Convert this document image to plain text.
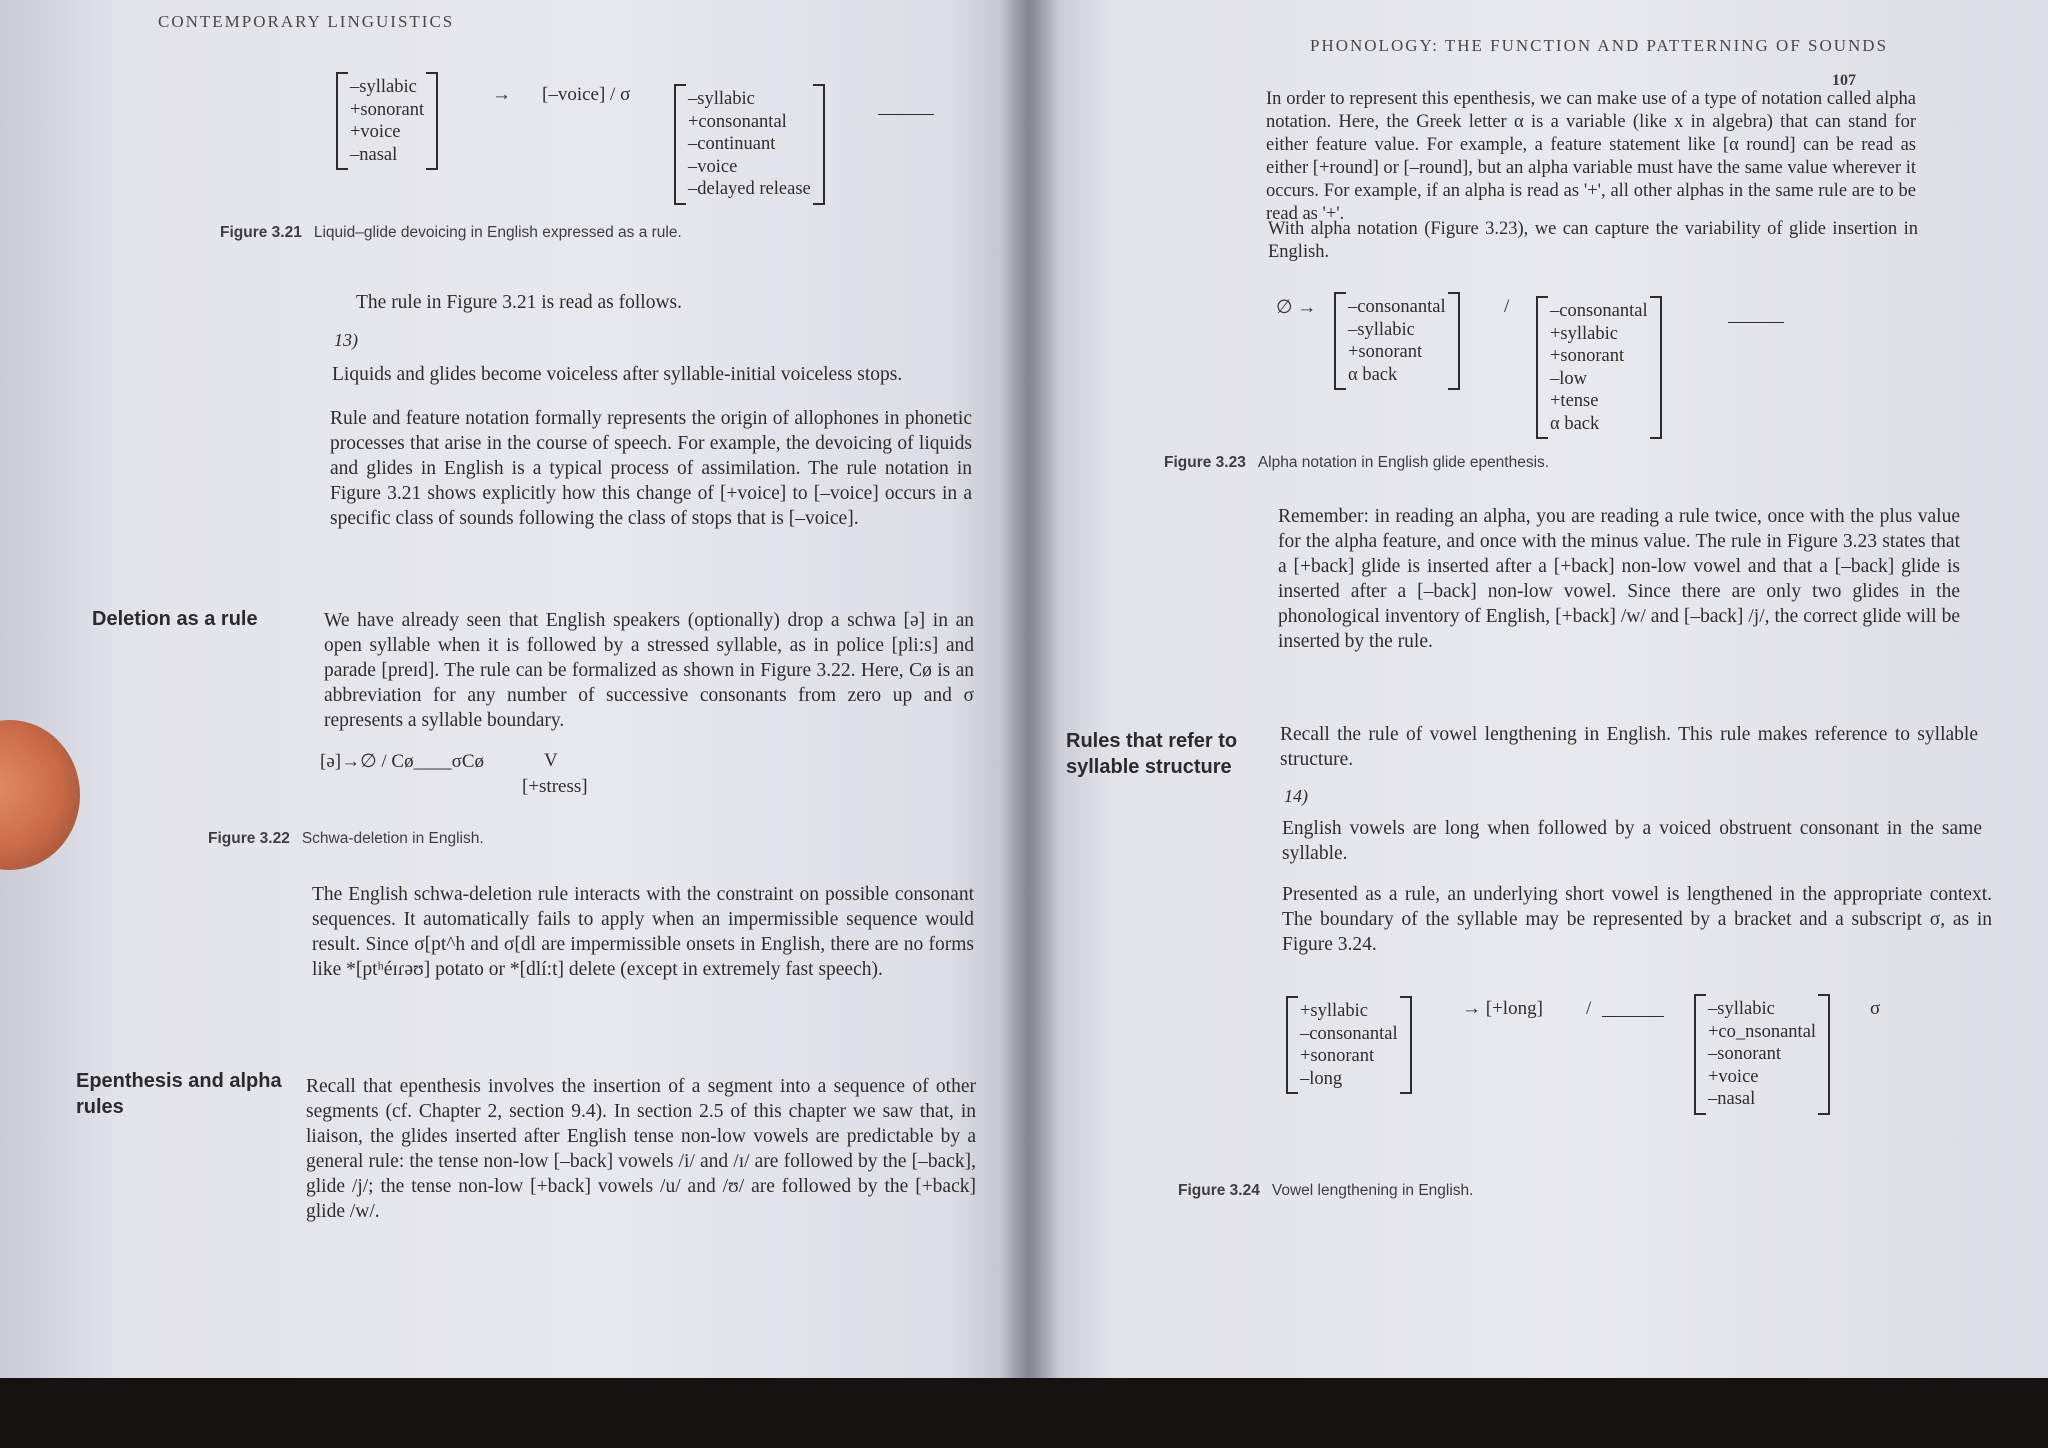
CONTEMPORARY LINGUISTICS
–syllabic
+sonorant
+voice
–nasal
→ [–voice] / σ	–syllabic
+consonantal
–continuant
–voice
–delayed release
Figure 3.21 Liquid–glide devoicing in English expressed as a rule.

The rule in Figure 3.21 is read as follows.

13)
Liquids and glides become voiceless after syllable-initial voiceless stops.

Rule and feature notation formally represents the origin of allophones in phonetic processes that arise in the course of speech. For example, the devoicing of liquids and glides in English is a typical process of assimilation. The rule notation in Figure 3.21 shows explicitly how this change of [+voice] to [–voice] occurs in a specific class of sounds following the class of stops that is [–voice].

Deletion as a rule	We have already seen that English speakers (optionally) drop a schwa [ə] in an open syllable when it is followed by a stressed syllable, as in police [pli:s] and parade [preɪd]. The rule can be formalized as shown in Figure 3.22. Here, Cø is an abbreviation for any number of successive consonants from zero up and σ represents a syllable boundary.

[ə]→∅ / Cø____σCø	V
[+stress]
Figure 3.22 Schwa-deletion in English.

The English schwa-deletion rule interacts with the constraint on possible consonant sequences. It automatically fails to apply when an impermissible sequence would result. Since σ[pt^h and σ[dl are impermissible onsets in English, there are no forms like *[ptʰéɪɾəʊ] potato or *[dlí:t] delete (except in extremely fast speech).

Epenthesis and alpha rules

Recall that epenthesis involves the insertion of a segment into a sequence of other segments (cf. Chapter 2, section 9.4). In section 2.5 of this chapter we saw that, in liaison, the glides inserted after English tense non-low vowels are predictable by a general rule: the tense non-low [–back] vowels /i/ and /ɪ/ are followed by the [–back], glide /j/; the tense non-low [+back] vowels /u/ and /ʊ/ are followed by the [+back] glide /w/.

PHONOLOGY: THE FUNCTION AND PATTERNING OF SOUNDS
107

In order to represent this epenthesis, we can make use of a type of notation called alpha notation. Here, the Greek letter α is a variable (like x in algebra) that can stand for either feature value. For example, a feature statement like [α round] can be read as either [+round] or [–round], but an alpha variable must have the same value wherever it occurs. For example, if an alpha is read as '+', all other alphas in the same rule are to be read as '+'.

With alpha notation (Figure 3.23), we can capture the variability of glide insertion in English.

∅ → –consonantal
–syllabic
+sonorant
α back
/ –consonantal
+syllabic
+sonorant
–low
+tense
α back
Figure 3.23 Alpha notation in English glide epenthesis.

Remember: in reading an alpha, you are reading a rule twice, once with the plus value for the alpha feature, and once with the minus value. The rule in Figure 3.23 states that a [+back] glide is inserted after a [+back] non-low vowel and that a [–back] glide is inserted after a [–back] non-low vowel. Since there are only two glides in the phonological inventory of English, [+back] /w/ and [–back] /j/, the correct glide will be inserted by the rule.

Rules that refer to syllable structure

Recall the rule of vowel lengthening in English. This rule makes reference to syllable structure.

14)
English vowels are long when followed by a voiced obstruent consonant in the same syllable.

Presented as a rule, an underlying short vowel is lengthened in the appropriate context. The boundary of the syllable may be represented by a bracket and a subscript σ, as in Figure 3.24.

+syllabic
–consonantal
+sonorant
–long
→ [+long] /	–syllabic
+co_nsonantal
–sonorant
+voice
–nasal
σ
Figure 3.24 Vowel lengthening in English.
